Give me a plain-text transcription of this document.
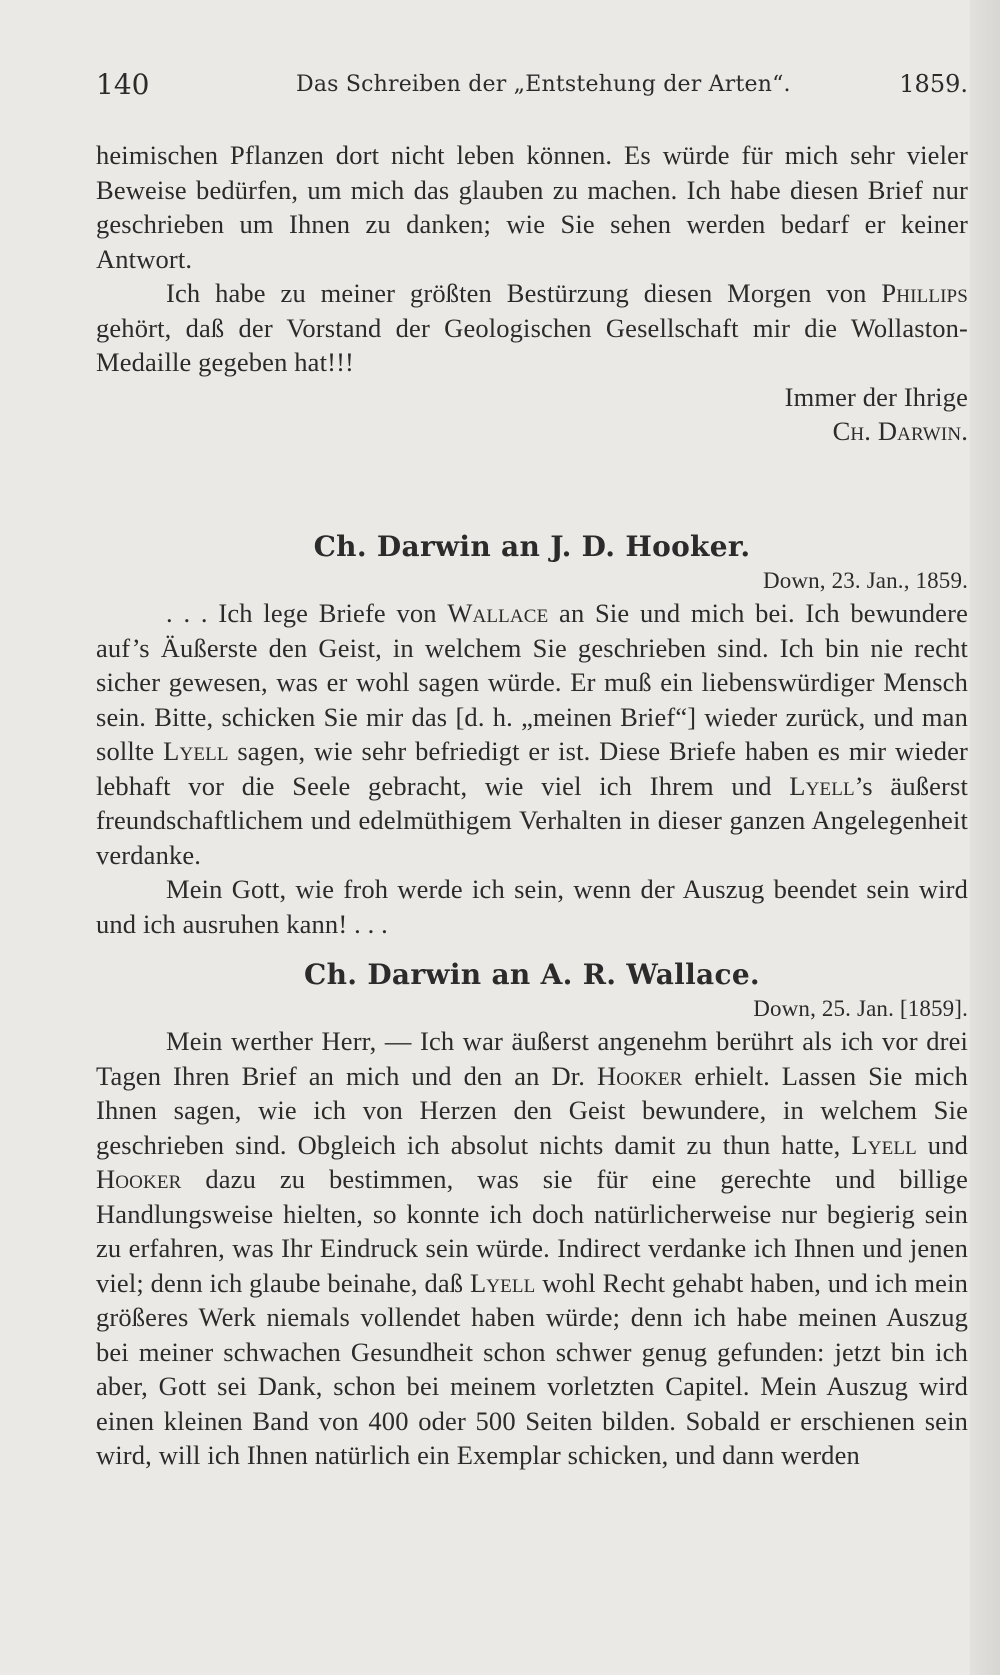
140	Das Schreiben der „Entstehung der Arten“.	1859.

heimischen Pflanzen dort nicht leben können. Es würde für mich sehr vieler Beweise bedürfen, um mich das glauben zu machen. Ich habe diesen Brief nur geschrieben um Ihnen zu danken; wie Sie sehen werden bedarf er keiner Antwort.

Ich habe zu meiner größten Bestürzung diesen Morgen von Phillips gehört, daß der Vorstand der Geologischen Gesellschaft mir die Wollaston-Medaille gegeben hat!!!

Immer der Ihrige

Ch. Darwin.

Ch. Darwin an J. D. Hooker.

Down, 23. Jan., 1859.

. . . Ich lege Briefe von Wallace an Sie und mich bei. Ich bewundere auf’s Äußerste den Geist, in welchem Sie geschrieben sind. Ich bin nie recht sicher gewesen, was er wohl sagen würde. Er muß ein liebenswürdiger Mensch sein. Bitte, schicken Sie mir das [d. h. „meinen Brief“] wieder zurück, und man sollte Lyell sagen, wie sehr befriedigt er ist. Diese Briefe haben es mir wieder lebhaft vor die Seele gebracht, wie viel ich Ihrem und Lyell’s äußerst freundschaftlichem und edelmüthigem Verhalten in dieser ganzen Angelegenheit verdanke.

Mein Gott, wie froh werde ich sein, wenn der Auszug beendet sein wird und ich ausruhen kann! . . .

Ch. Darwin an A. R. Wallace.

Down, 25. Jan. [1859].

Mein werther Herr, — Ich war äußerst angenehm berührt als ich vor drei Tagen Ihren Brief an mich und den an Dr. Hooker erhielt. Lassen Sie mich Ihnen sagen, wie ich von Herzen den Geist bewundere, in welchem Sie geschrieben sind. Obgleich ich absolut nichts damit zu thun hatte, Lyell und Hooker dazu zu bestimmen, was sie für eine gerechte und billige Handlungsweise hielten, so konnte ich doch natürlicherweise nur begierig sein zu erfahren, was Ihr Eindruck sein würde. Indirect verdanke ich Ihnen und jenen viel; denn ich glaube beinahe, daß Lyell wohl Recht gehabt haben, und ich mein größeres Werk niemals vollendet haben würde; denn ich habe meinen Auszug bei meiner schwachen Gesundheit schon schwer genug gefunden: jetzt bin ich aber, Gott sei Dank, schon bei meinem vorletzten Capitel. Mein Auszug wird einen kleinen Band von 400 oder 500 Seiten bilden. Sobald er erschienen sein wird, will ich Ihnen natürlich ein Exemplar schicken, und dann werden
